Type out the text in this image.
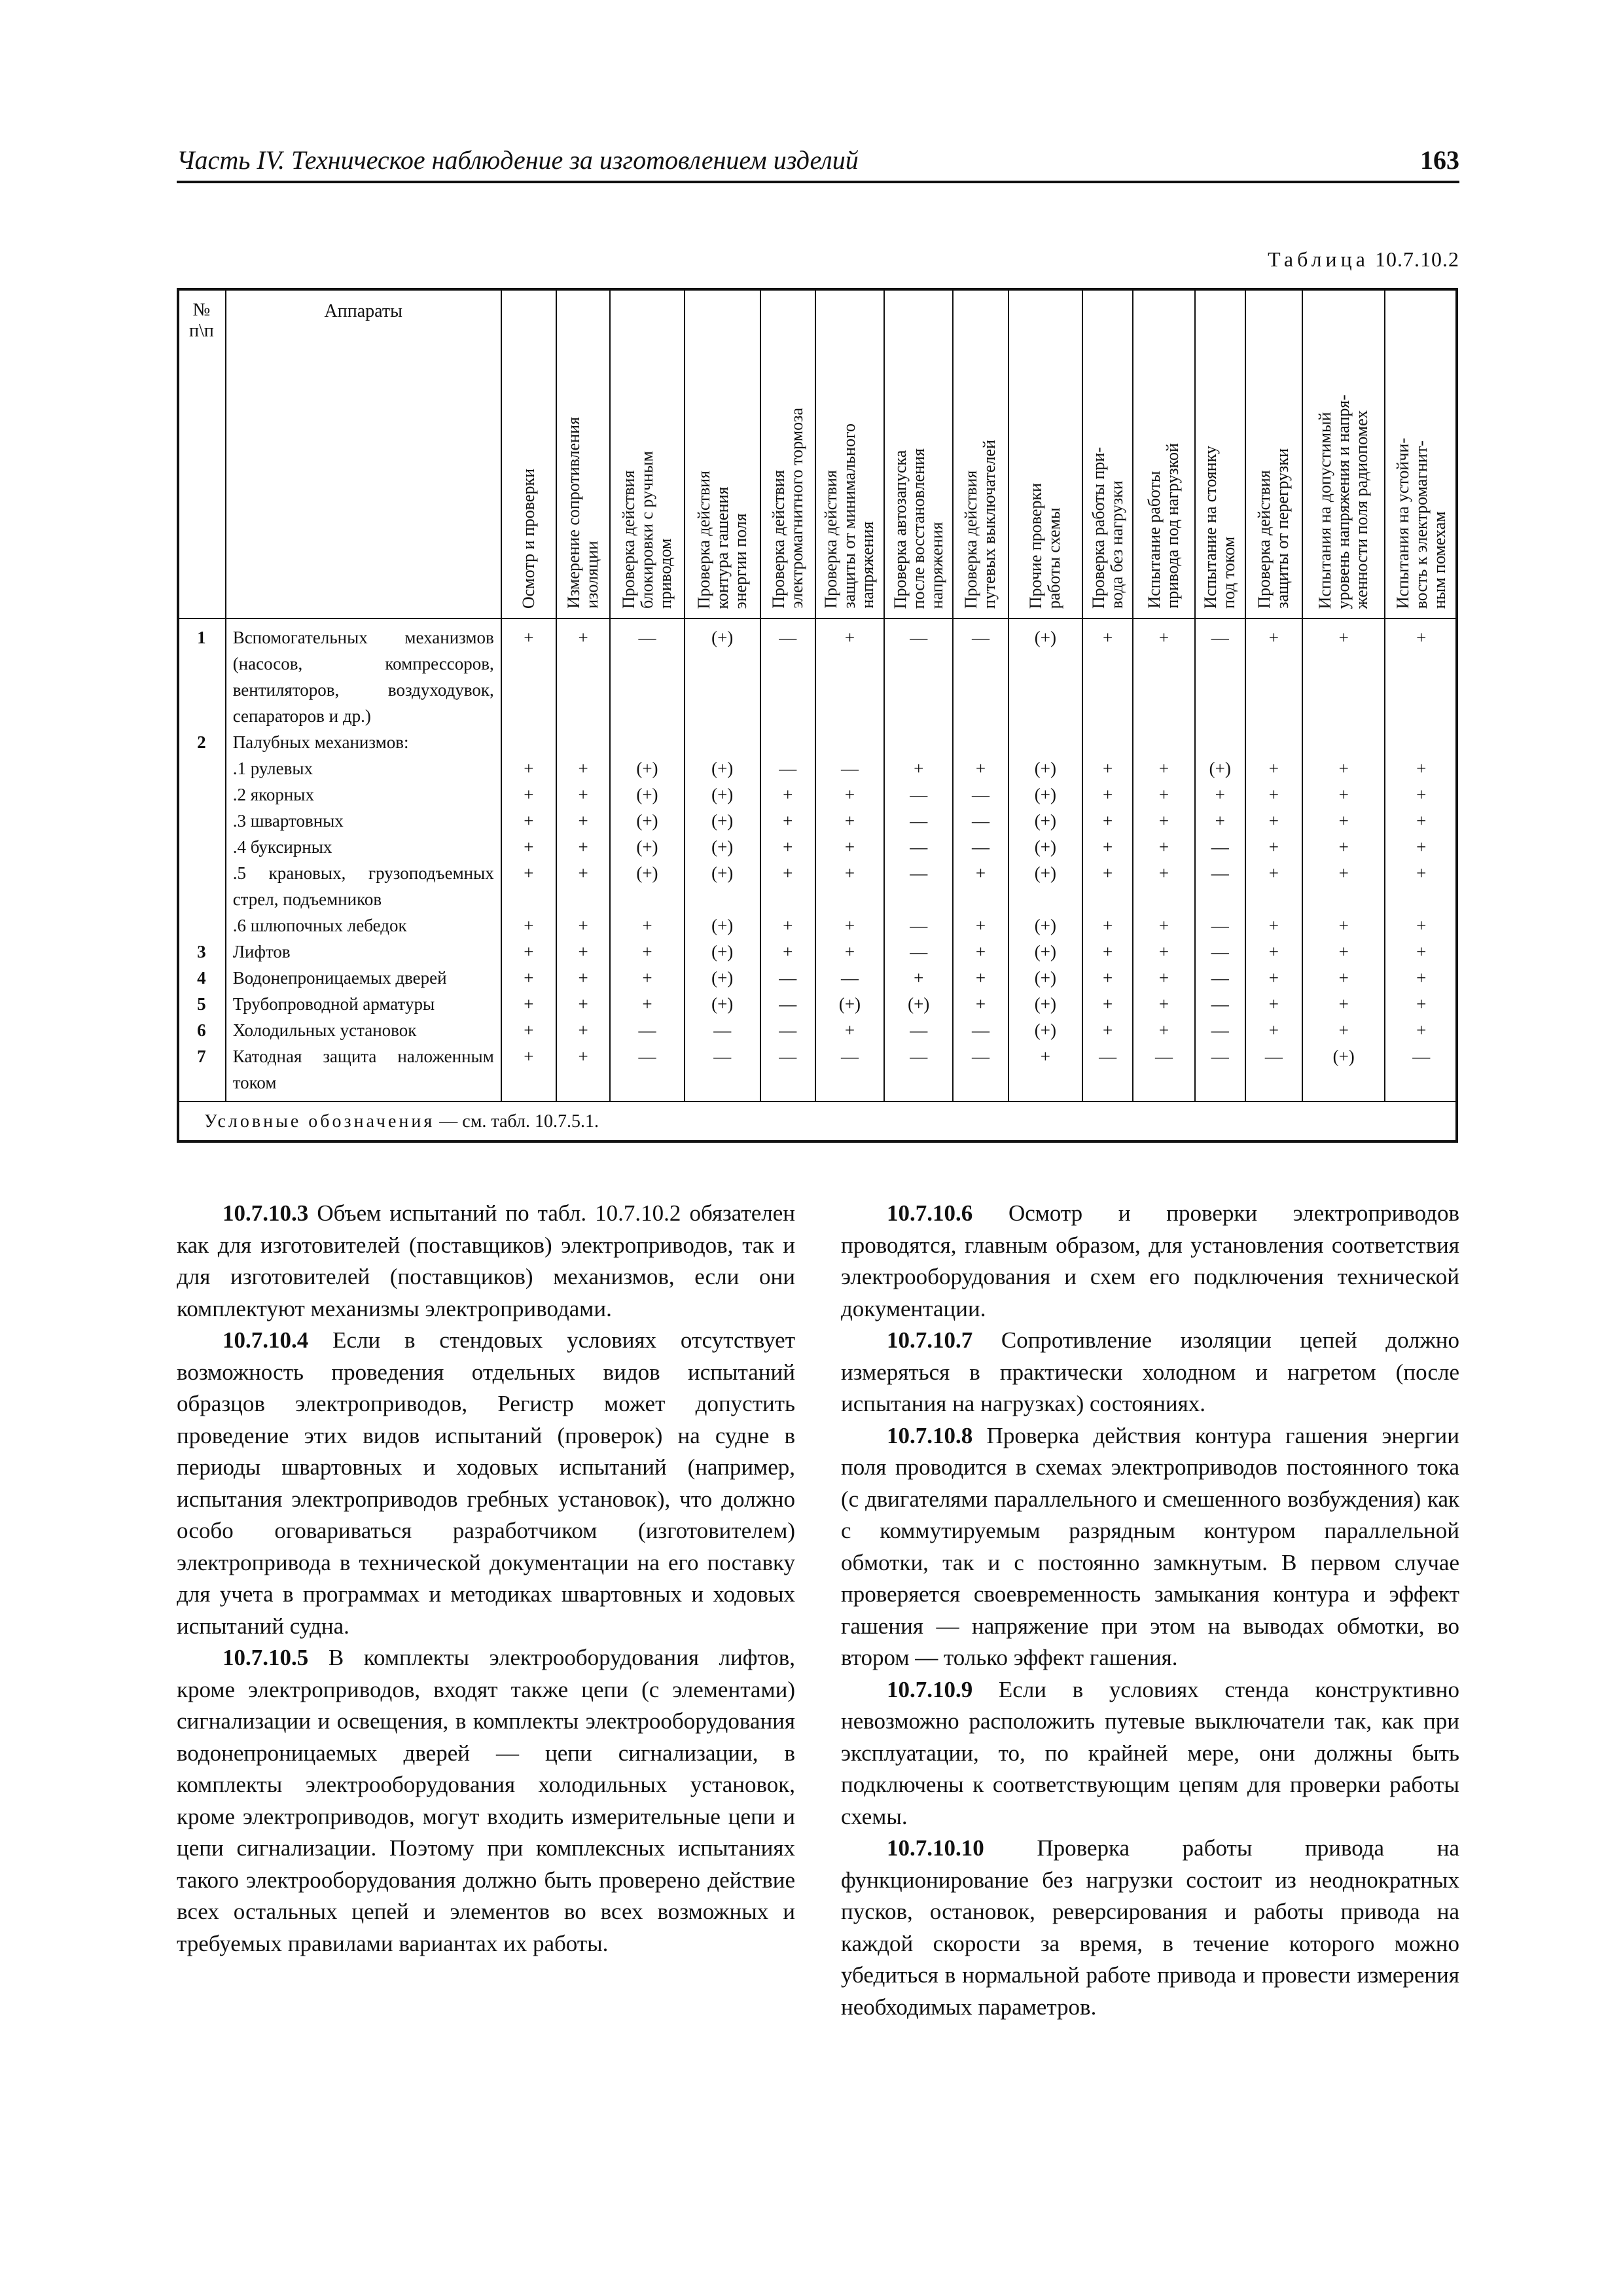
Часть IV. Техническое наблюдение за изготовлением изделий	163
Таблица 10.7.10.2
№
п\п	Аппараты	Осмотр и проверки	Измерение сопротивления
изоляции	Проверка действия
блокировки с ручным
приводом	Проверка действия
контура гашения
энергии поля	Проверка действия
электромагнитного тормоза	Проверка действия
защиты от минимального
напряжения	Проверка автозапуска
после восстановления
напряжения	Проверка действия
путевых выключателей	Прочие проверки
работы схемы	Проверка работы при-
вода без нагрузки	Испытание работы
привода под нагрузкой	Испытание на стоянку
под током	Проверка действия
защиты от перегрузки	Испытания на допустимый
уровень напряжения и напря-
женности поля радиопомех	Испытания на устойчи-
вость к электромагнит-
ным помехам

1	Вспомогательных механизмов (насосов, компрессоров, вентиляторов, воздуходувок, сепараторов и др.)	+	+	—	(+)	—	+	—	—	(+)	+	+	—	+	+	+
2	Палубных механизмов:															
	.1 рулевых	+	+	(+)	(+)	—	—	+	+	(+)	+	+	(+)	+	+	+
	.2 якорных	+	+	(+)	(+)	+	+	—	—	(+)	+	+	+	+	+	+
	.3 швартовных	+	+	(+)	(+)	+	+	—	—	(+)	+	+	+	+	+	+
	.4 буксирных	+	+	(+)	(+)	+	+	—	—	(+)	+	+	—	+	+	+
	.5 крановых, грузоподъемных стрел, подъемников	+	+	(+)	(+)	+	+	—	+	(+)	+	+	—	+	+	+
	.6 шлюпочных лебедок	+	+	+	(+)	+	+	—	+	(+)	+	+	—	+	+	+
3	Лифтов	+	+	+	(+)	+	+	—	+	(+)	+	+	—	+	+	+
4	Водонепроницаемых дверей	+	+	+	(+)	—	—	+	+	(+)	+	+	—	+	+	+
5	Трубопроводной арматуры	+	+	+	(+)	—	(+)	(+)	+	(+)	+	+	—	+	+	+
6	Холодильных установок	+	+	—	—	—	+	—	—	(+)	+	+	—	+	+	+
7	Катодная защита наложенным током	+	+	—	—	—	—	—	—	+	—	—	—	—	(+)	—

Условные обозначения — см. табл. 10.7.5.1.																

10.7.10.3 Объем испытаний по табл. 10.7.10.2 обязателен как для изготовителей (поставщиков) электроприводов, так и для изготовителей (поставщиков) механизмов, если они комплектуют механизмы электроприводами.

10.7.10.4 Если в стендовых условиях отсутствует возможность проведения отдельных видов испытаний образцов электроприводов, Регистр может допустить проведение этих видов испытаний (проверок) на судне в периоды швартовных и ходовых испытаний (например, испытания электроприводов гребных установок), что должно особо оговариваться разработчиком (изготовителем) электропривода в технической документации на его поставку для учета в программах и методиках швартовных и ходовых испытаний судна.

10.7.10.5 В комплекты электрооборудования лифтов, кроме электроприводов, входят также цепи (с элементами) сигнализации и освещения, в комплекты электрооборудования водонепроницаемых дверей — цепи сигнализации, в комплекты электрооборудования холодильных установок, кроме электроприводов, могут входить измерительные цепи и цепи сигнализации. Поэтому при комплексных испытаниях такого электрооборудования должно быть проверено действие всех остальных цепей и элементов во всех возможных и требуемых правилами вариантах их работы.

10.7.10.6 Осмотр и проверки электроприводов проводятся, главным образом, для установления соответствия электрооборудования и схем его подключения технической документации.

10.7.10.7 Сопротивление изоляции цепей должно измеряться в практически холодном и нагретом (после испытания на нагрузках) состояниях.

10.7.10.8 Проверка действия контура гашения энергии поля проводится в схемах электроприводов постоянного тока (с двигателями параллельного и смешенного возбуждения) как с коммутируемым разрядным контуром параллельной обмотки, так и с постоянно замкнутым. В первом случае проверяется своевременность замыкания контура и эффект гашения — напряжение при этом на выводах обмотки, во втором — только эффект гашения.

10.7.10.9 Если в условиях стенда конструктивно невозможно расположить путевые выключатели так, как при эксплуатации, то, по крайней мере, они должны быть подключены к соответствующим цепям для проверки работы схемы.

10.7.10.10 Проверка работы привода на функционирование без нагрузки состоит из неоднократных пусков, остановок, реверсирования и работы привода на каждой скорости за время, в течение которого можно убедиться в нормальной работе привода и провести измерения необходимых параметров.
